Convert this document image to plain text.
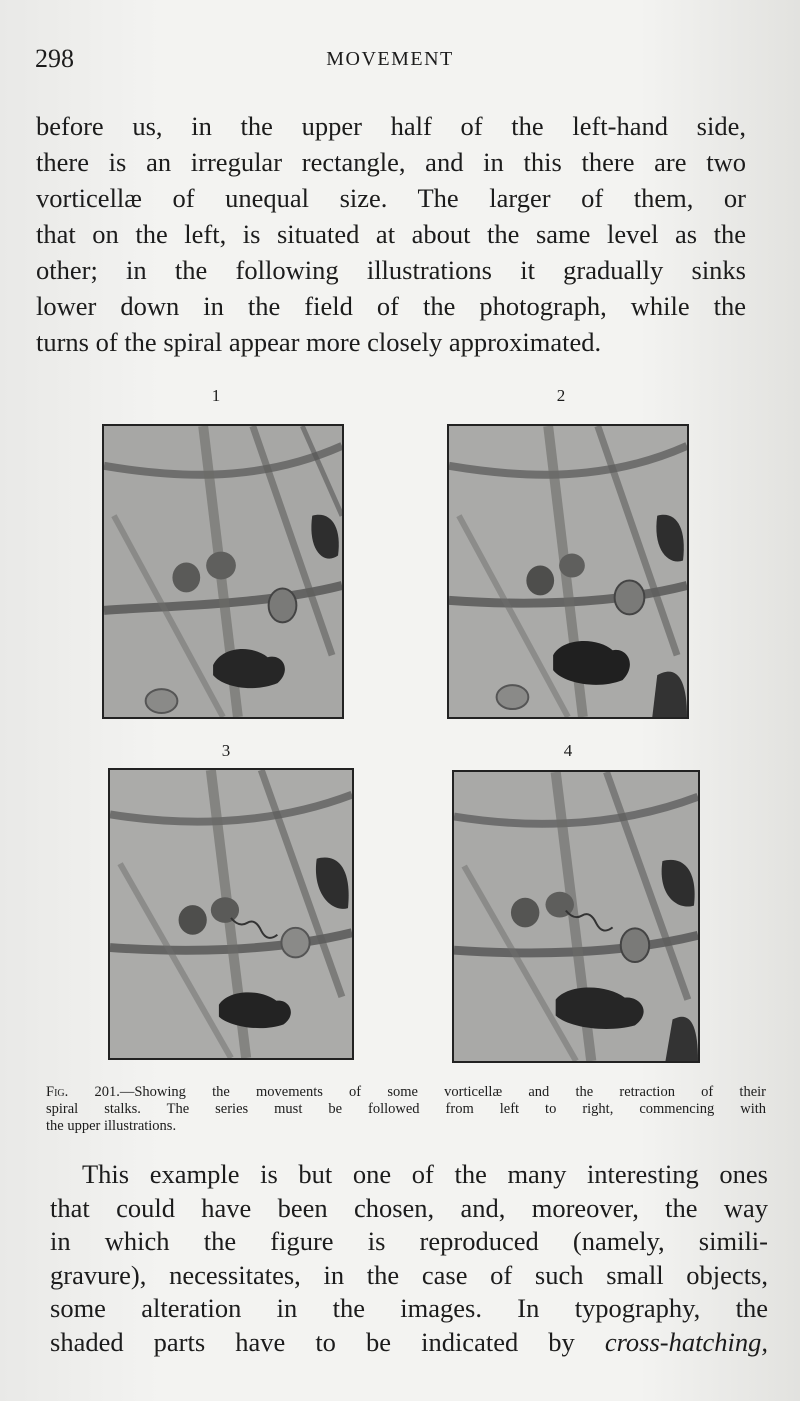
298	MOVEMENT

before us, in the upper half of the left-hand side,
there is an irregular rectangle, and in this there are two
vorticellæ of unequal size. The larger of them, or
that on the left, is situated at about the same level as the
other; in the following illustrations it gradually sinks
lower down in the field of the photograph, while the
turns of the spiral appear more closely approximated.

1	2
3	4

Fig. 201.—Showing the movements of some vorticellæ and the retraction of their
spiral stalks. The series must be followed from left to right, commencing with
the upper illustrations.

This example is but one of the many interesting ones
that could have been chosen, and, moreover, the way
in which the figure is reproduced (namely, simili-
gravure), necessitates, in the case of such small objects,
some alteration in the images. In typography, the
shaded parts have to be indicated by cross-hatching,
